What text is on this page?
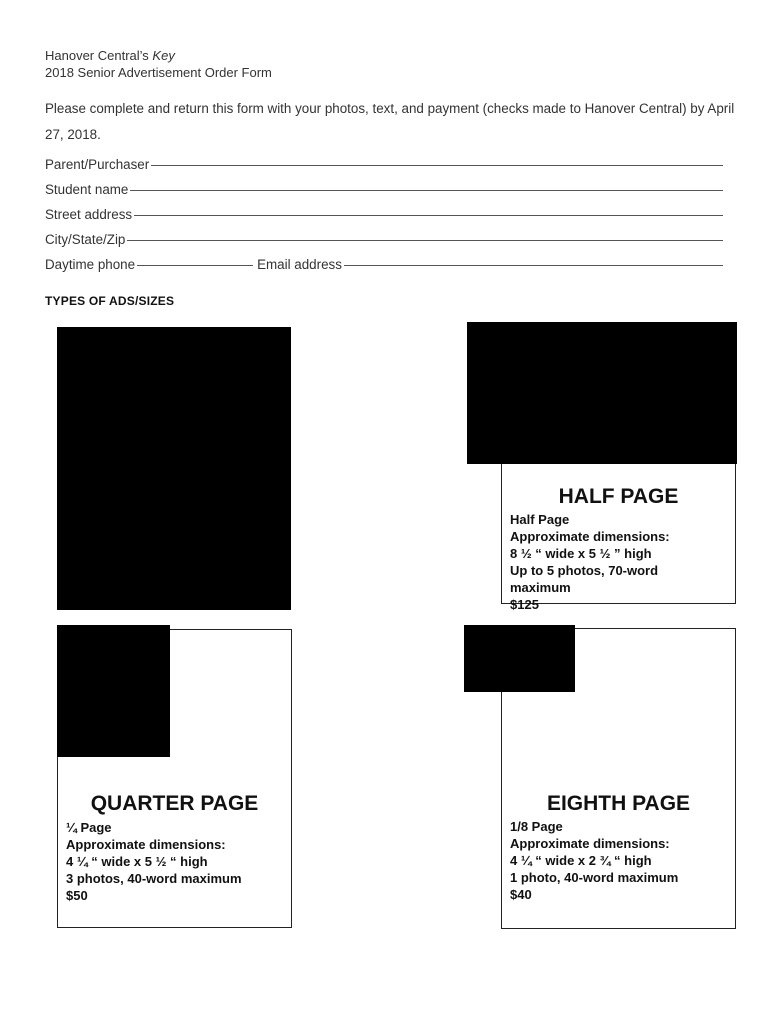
Hanover Central’s Key
2018 Senior Advertisement Order Form
Please complete and return this form with your photos, text, and payment (checks made to Hanover Central) by April 27, 2018.
Parent/Purchaser
Student name
Street address
City/State/Zip
Daytime phone	Email address
TYPES OF ADS/SIZES
HALF PAGE
Half Page
Approximate dimensions:
8 ½ “ wide x 5 ½ ” high
Up to 5 photos, 70-word
maximum
$125
QUARTER PAGE
¼ Page
Approximate dimensions:
4 ¼ “ wide x 5 ½ “ high
3 photos, 40-word maximum
$50
EIGHTH PAGE
1/8 Page
Approximate dimensions:
4 ¼ “ wide x 2 ¾ “ high
1 photo, 40-word maximum
$40
